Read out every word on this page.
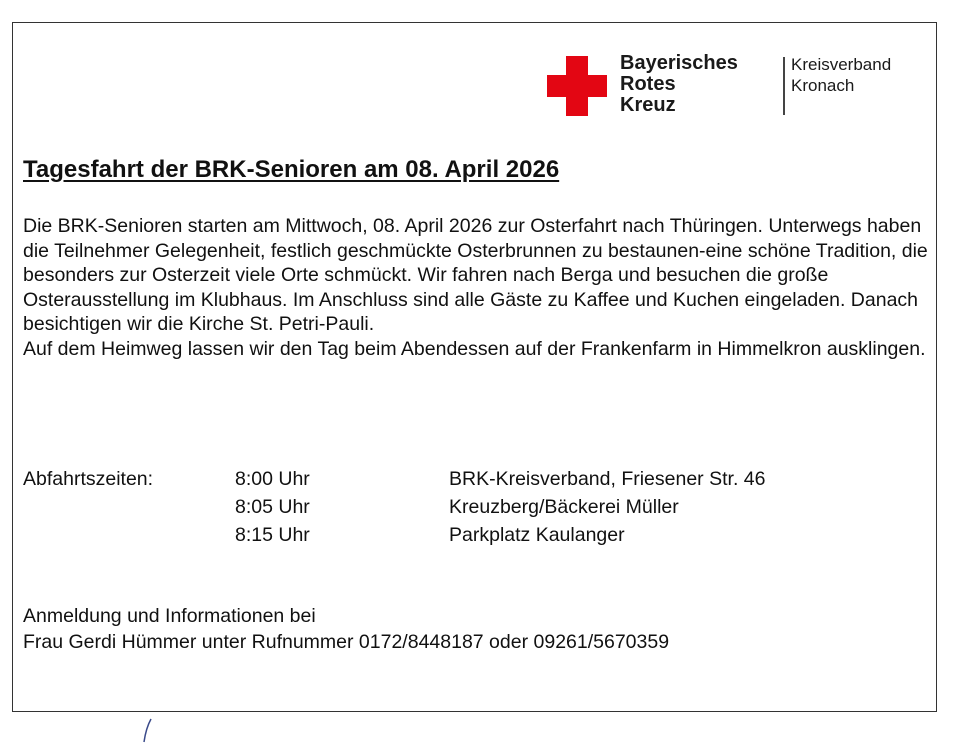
Bayerisches
Rotes
Kreuz
Kreisverband
Kronach
Tagesfahrt der BRK-Senioren am 08. April 2026

Die BRK-Senioren starten am Mittwoch, 08. April 2026 zur Osterfahrt nach Thüringen. Unterwegs haben die Teilnehmer Gelegenheit, festlich geschmückte Osterbrunnen zu bestaunen-eine schöne Tradition, die besonders zur Osterzeit viele Orte schmückt. Wir fahren nach Berga und besuchen die große Osterausstellung im Klubhaus. Im Anschluss sind alle Gäste zu Kaffee und Kuchen eingeladen. Danach besichtigen wir die Kirche St. Petri-Pauli.

Auf dem Heimweg lassen wir den Tag beim Abendessen auf der Frankenfarm in Himmelkron ausklingen.

Abfahrtszeiten:	8:00 Uhr	BRK-Kreisverband, Friesener Str. 46
8:05 Uhr	Kreuzberg/Bäckerei Müller
8:15 Uhr	Parkplatz Kaulanger
Anmeldung und Informationen bei
Frau Gerdi Hümmer unter Rufnummer 0172/8448187 oder 09261/5670359
